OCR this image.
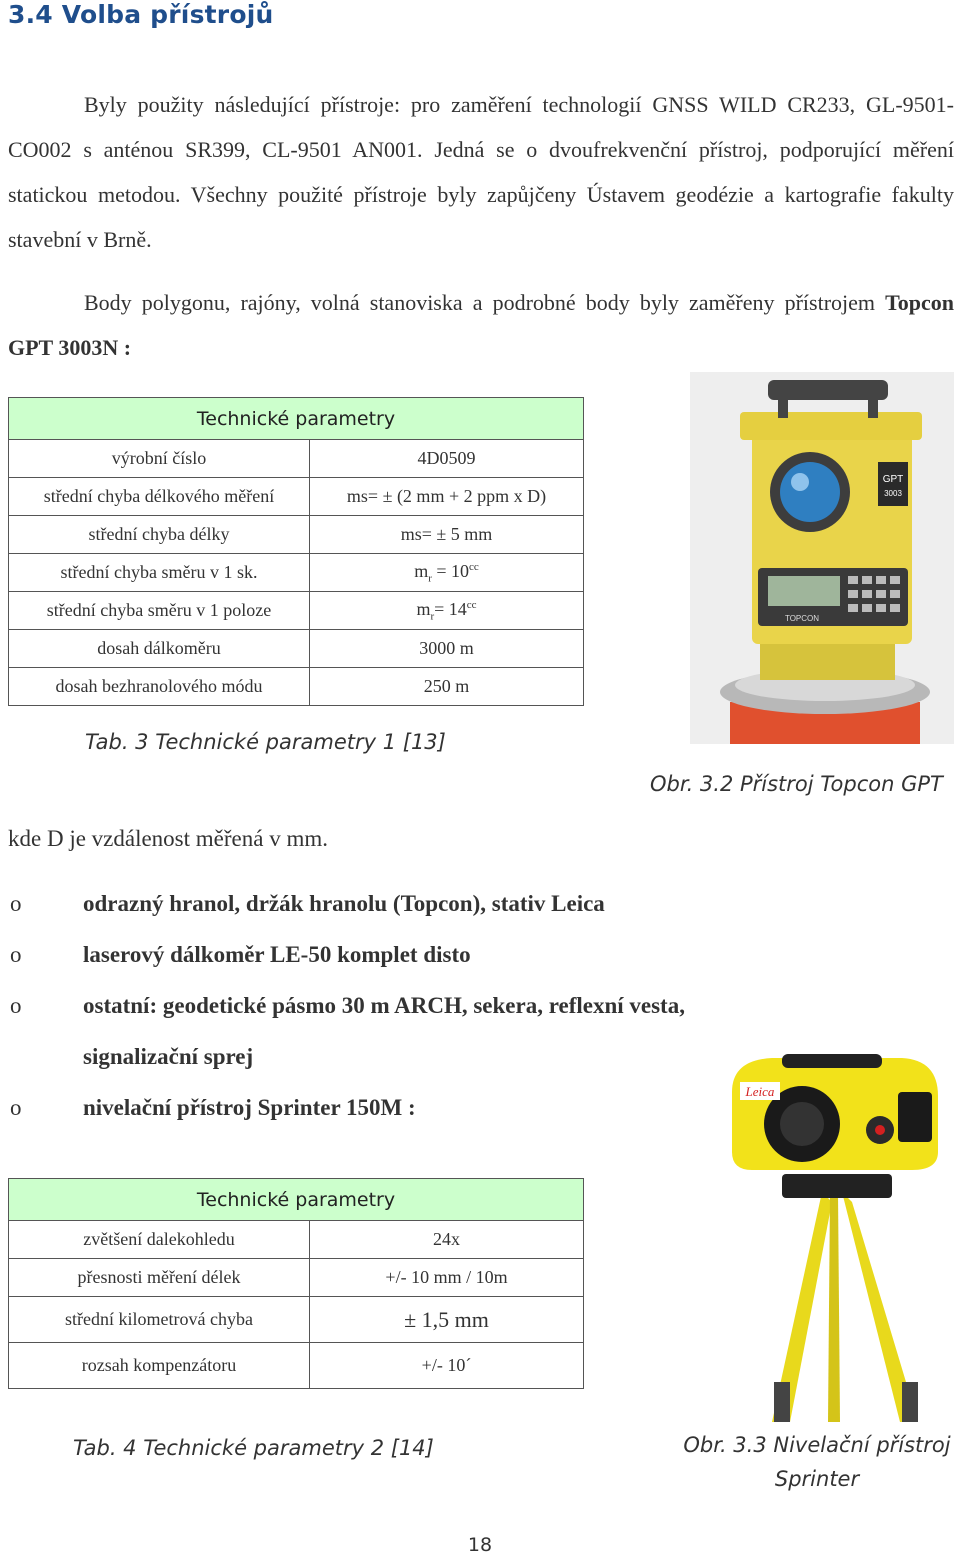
3.4 Volba přístrojů
Byly použity následující přístroje: pro zaměření technologií GNSS WILD CR233, GL-9501-CO002 s anténou SR399, CL-9501 AN001. Jedná se o dvoufrekvenční přístroj, podporující měření statickou metodou. Všechny použité přístroje byly zapůjčeny Ústavem geodézie a kartografie fakulty stavební v Brně.
Body polygonu, rajóny, volná stanoviska a podrobné body byly zaměřeny přístrojem Topcon GPT 3003N :
Technické parametry	
výrobní číslo	4D0509
střední chyba délkového měření	ms= ± (2 mm + 2 ppm x D)
střední chyba délky	ms= ± 5 mm
střední chyba směru v 1 sk.	$m_r = 10^{cc}$
střední chyba směru v 1 poloze	$m_r= 14^{cc}$
dosah dálkoměru	3000 m
dosah bezhranolového módu	250 m
Tab. 3 Technické parametry 1 [13]
Obr. 3.2 Přístroj Topcon GPT
GPT
3003
TOPCON
kde D je vzdálenost měřená v mm.
o	odrazný hranol, držák hranolu (Topcon), stativ Leica
o	laserový dálkoměr LE-50 komplet disto
o	ostatní: geodetické pásmo 30 m ARCH, sekera, reflexní vesta, signalizační sprej
o	nivelační přístroj Sprinter 150M :
Technické parametry	
zvětšení dalekohledu	24x
přesnosti měření délek	+/- 10 mm / 10m
střední kilometrová chyba	± 1,5 mm
rozsah kompenzátoru	+/- 10´
Leica
Tab. 4 Technické parametry 2 [14]	Obr. 3.3 Nivelační přístroj
Sprinter
18
